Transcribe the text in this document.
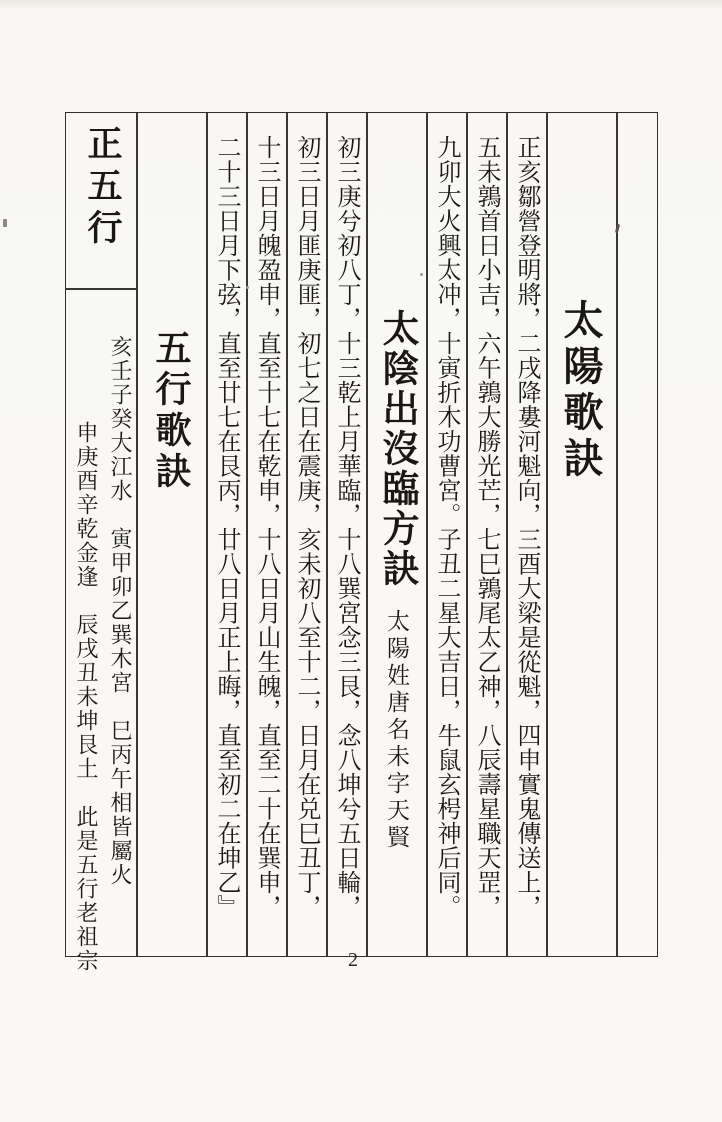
太陽歌訣
正亥鄒營登明將，二戌降婁河魁向，三酉大梁是從魁，四申實鬼傳送上，
五未鶉首日小吉，六午鶉大勝光芒，七巳鶉尾太乙神，八辰壽星職天罡，
九卯大火興太冲，十寅折木功曹宮。子丑二星大吉日，牛鼠玄枵神后同。
太陰出沒臨方訣
太陽姓唐名未字天賢
初三庚兮初八丁，十三乾上月華臨，十八巽宮念三艮，念八坤兮五日輪，
初三日月匪庚匪，初七之日在震庚，亥未初八至十二，日月在兑巳丑丁，
十三日月魄盈申，直至十七在乾申，十八日月山生魄，直至二十在巽申，
二十三日月下弦，直至廿七在艮丙，廿八日月正上晦，直至初二在坤乙』
五行歌訣
亥壬子癸大江水　寅甲卯乙巽木宮　巳丙午相皆屬火
申庚酉辛乾金逢　辰戌丑未坤艮土　此是五行老祖宗
正五行
2
